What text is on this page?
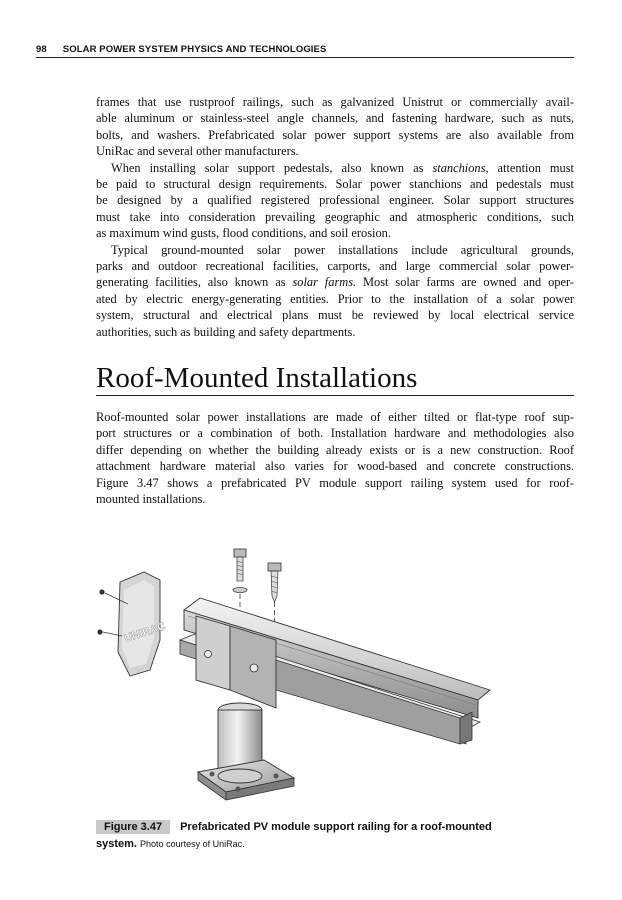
98 SOLAR POWER SYSTEM PHYSICS AND TECHNOLOGIES

frames that use rustproof railings, such as galvanized Unistrut or commercially avail-
able aluminum or stainless-steel angle channels, and fastening hardware, such as nuts,
bolts, and washers. Prefabricated solar power support systems are also available from
UniRac and several other manufacturers.

When installing solar support pedestals, also known as stanchions, attention must
be paid to structural design requirements. Solar power stanchions and pedestals must
be designed by a qualified registered professional engineer. Solar support structures
must take into consideration prevailing geographic and atmospheric conditions, such
as maximum wind gusts, flood conditions, and soil erosion.

Typical ground-mounted solar power installations include agricultural grounds,
parks and outdoor recreational facilities, carports, and large commercial solar power-
generating facilities, also known as solar farms. Most solar farms are owned and oper-
ated by electric energy-generating entities. Prior to the installation of a solar power
system, structural and electrical plans must be reviewed by local electrical service
authorities, such as building and safety departments.

Roof-Mounted Installations
Roof-mounted solar power installations are made of either tilted or flat-type roof sup-
port structures or a combination of both. Installation hardware and methodologies also
differ depending on whether the building already exists or is a new construction. Roof
attachment hardware material also varies for wood-based and concrete constructions.
Figure 3.47 shows a prefabricated PV module support railing system used for roof-
mounted installations.
UNIRAC
Figure 3.47 Prefabricated PV module support railing for a roof-mounted system. Photo courtesy of UniRac.
